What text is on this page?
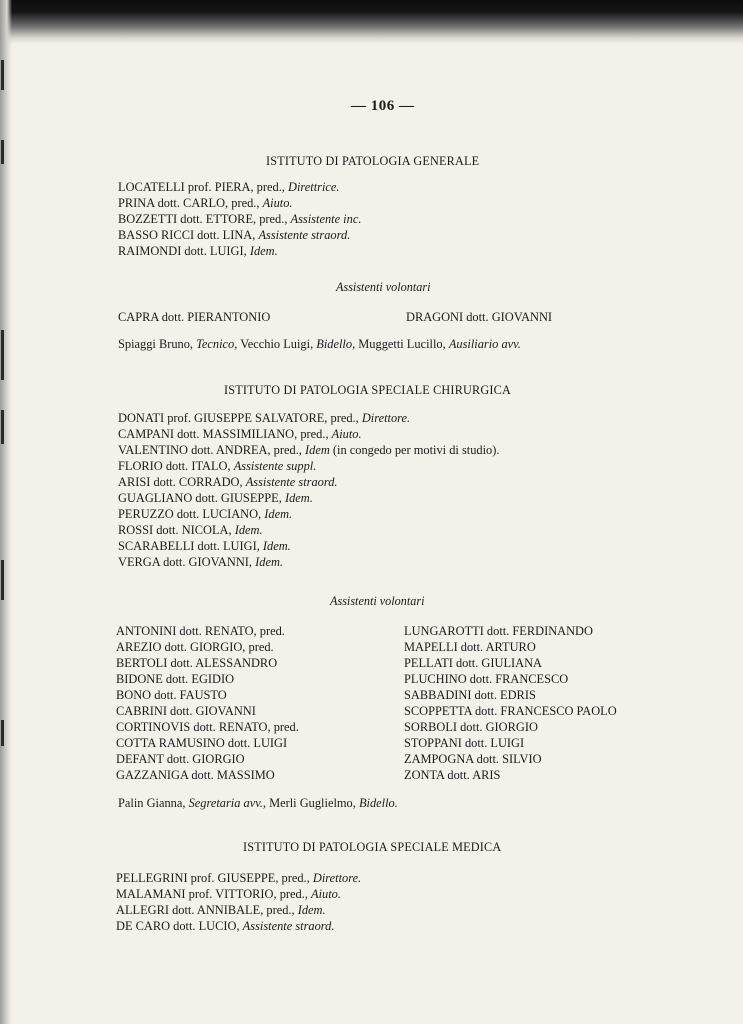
— 106 —
ISTITUTO DI PATOLOGIA GENERALE
LOCATELLI prof. PIERA, pred., Direttrice.
PRINA dott. CARLO, pred., Aiuto.
BOZZETTI dott. ETTORE, pred., Assistente inc.
BASSO RICCI dott. LINA, Assistente straord.
RAIMONDI dott. LUIGI, Idem.
Assistenti volontari
CAPRA dott. PIERANTONIO	DRAGONI dott. GIOVANNI
Spiaggi Bruno, Tecnico, Vecchio Luigi, Bidello, Muggetti Lucillo, Ausiliario avv.
ISTITUTO DI PATOLOGIA SPECIALE CHIRURGICA
DONATI prof. GIUSEPPE SALVATORE, pred., Direttore.
CAMPANI dott. MASSIMILIANO, pred., Aiuto.
VALENTINO dott. ANDREA, pred., Idem (in congedo per motivi di studio).
FLORIO dott. ITALO, Assistente suppl.
ARISI dott. CORRADO, Assistente straord.
GUAGLIANO dott. GIUSEPPE, Idem.
PERUZZO dott. LUCIANO, Idem.
ROSSI dott. NICOLA, Idem.
SCARABELLI dott. LUIGI, Idem.
VERGA dott. GIOVANNI, Idem.
Assistenti volontari
ANTONINI dott. RENATO, pred.
AREZIO dott. GIORGIO, pred.
BERTOLI dott. ALESSANDRO
BIDONE dott. EGIDIO
BONO dott. FAUSTO
CABRINI dott. GIOVANNI
CORTINOVIS dott. RENATO, pred.
COTTA RAMUSINO dott. LUIGI
DEFANT dott. GIORGIO
GAZZANIGA dott. MASSIMO
LUNGAROTTI dott. FERDINANDO
MAPELLI dott. ARTURO
PELLATI dott. GIULIANA
PLUCHINO dott. FRANCESCO
SABBADINI dott. EDRIS
SCOPPETTA dott. FRANCESCO PAOLO
SORBOLI dott. GIORGIO
STOPPANI dott. LUIGI
ZAMPOGNA dott. SILVIO
ZONTA dott. ARIS
Palin Gianna, Segretaria avv., Merli Guglielmo, Bidello.
ISTITUTO DI PATOLOGIA SPECIALE MEDICA
PELLEGRINI prof. GIUSEPPE, pred., Direttore.
MALAMANI prof. VITTORIO, pred., Aiuto.
ALLEGRI dott. ANNIBALE, pred., Idem.
DE CARO dott. LUCIO, Assistente straord.
